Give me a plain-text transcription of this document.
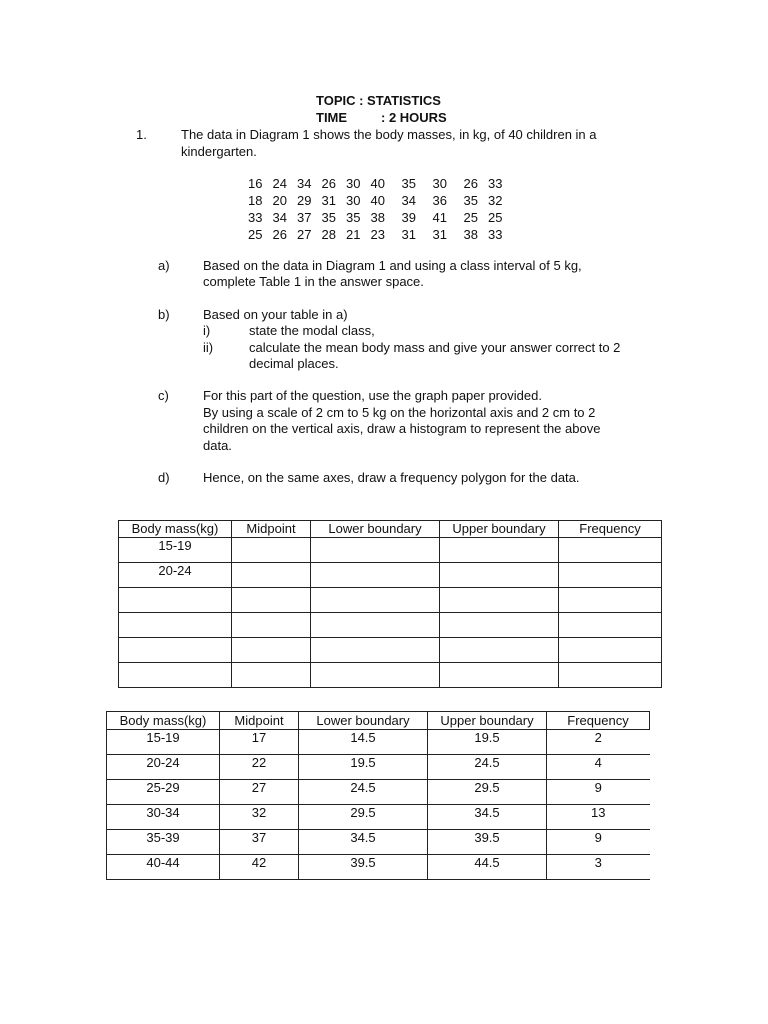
TOPIC : STATISTICS
TIME	: 2 HOURS
1.	The data in Diagram 1 shows the body masses, in kg, of 40 children in a
kindergarten.
16 24 34 26 30 40	35	30	26 33
18 20 29 31 30 40	34	36	35 32
33 34 37 35 35 38	39	41	25 25
25 26 27 28 21 23	31	31	38 33
a)	Based on the data in Diagram 1 and using a class interval of 5 kg,
complete Table 1 in the answer space.
b)	Based on your table in a)
i)	state the modal class,
ii)	calculate the mean body mass and give your answer correct to 2
decimal places.
c)	For this part of the question, use the graph paper provided.
By using a scale of 2 cm to 5 kg on the horizontal axis and 2 cm to 2
children on the vertical axis, draw a histogram to represent the above
data.
d)	Hence, on the same axes, draw a frequency polygon for the data.
Body mass(kg)	Midpoint	Lower boundary	Upper boundary	Frequency
15-19				
20-24				

Body mass(kg)	Midpoint	Lower boundary	Upper boundary	Frequency
15-19	17	14.5	19.5	2
20-24	22	19.5	24.5	4
25-29	27	24.5	29.5	9
30-34	32	29.5	34.5	13
35-39	37	34.5	39.5	9
40-44	42	39.5	44.5	3
